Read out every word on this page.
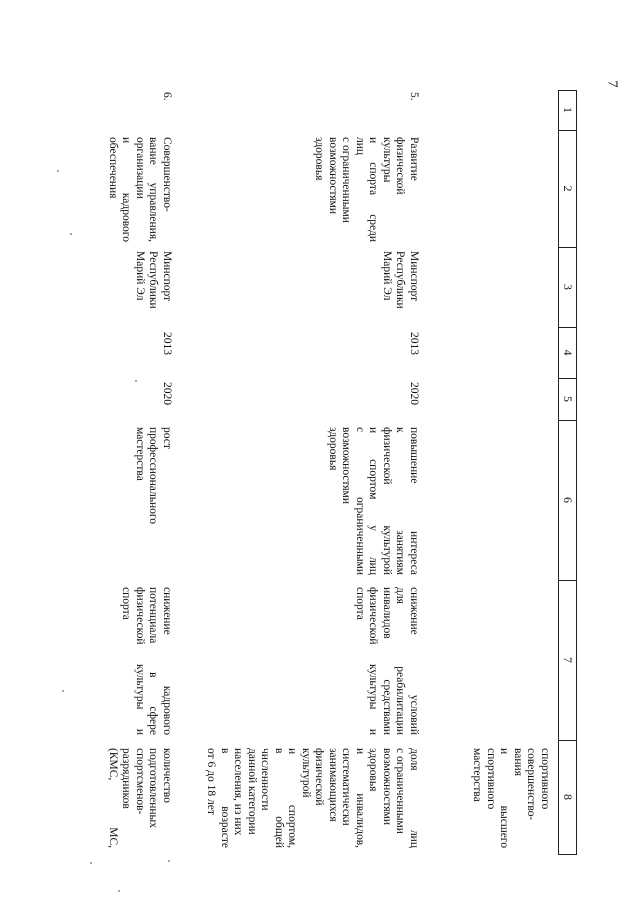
7
1
2
3
4
5
6
7
8
спортивного
совершенство-
вания
и высшего
спортивного
мастерства
5.
Развитие
физической
культуры
и спорта среди
лиц
с ограниченными
возможностями
здоровья
Минспорт
Республики
Марий Эл
2013
2020
повышение интереса
к занятиям
физической культурой
и спортом у лиц
с ограниченными
возможностями
здоровья
снижение условий
для реабилитации
инвалидов средствами
физической культуры и
спорта
доля лиц
с ограниченными
возможностями
здоровья
и инвалидов,
систематически
занимающихся
физической
культурой
и спортом,
в общей
численности
данной категории
населения, из них
в возрасте
от 6 до 18 лет
6.
Совершенство-
вание управления,
организации
и кадрового
обеспечения
Минспорт
Республики
Марий Эл
2013
2020
рост
профессионального
мастерства
снижение кадрового
потенциала в сфере
физической культуры и
спорта
количество
подготовленных
спортсменов-
разрядников
(КМС, МС,
